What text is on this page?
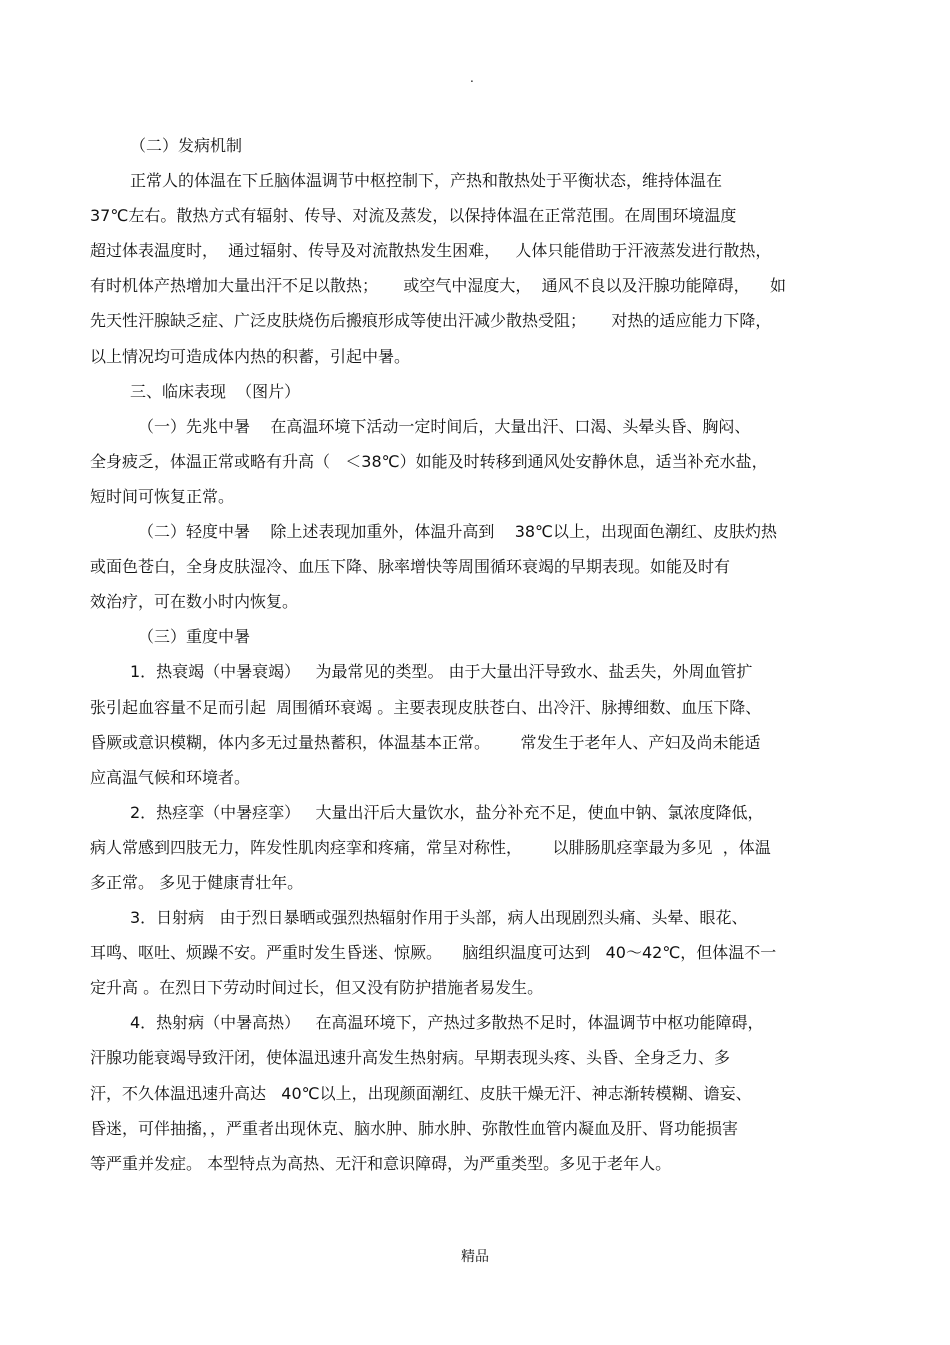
.
（二）发病机制
正常人的体温在下丘脑体温调节中枢控制下，产热和散热处于平衡状态，维持体温在
37℃左右。散热方式有辐射、传导、对流及蒸发，以保持体温在正常范围。在周围环境温度
超过体表温度时，  通过辐射、传导及对流散热发生困难，   人体只能借助于汗液蒸发进行散热，
有时机体产热增加大量出汗不足以散热；     或空气中湿度大，  通风不良以及汗腺功能障碍，    如
先天性汗腺缺乏症、广泛皮肤烧伤后搬痕形成等使出汗减少散热受阻；     对热的适应能力下降，
以上情况均可造成体内热的积蓄，引起中暑。
三、临床表现  （图片）
（一）先兆中暑    在高温环境下活动一定时间后，大量出汗、口渴、头晕头昏、胸闷、
全身疲乏，体温正常或略有升高（   ＜38℃）如能及时转移到通风处安静休息，适当补充水盐，
短时间可恢复正常。
（二）轻度中暑    除上述表现加重外，体温升高到    38℃以上，出现面色潮红、皮肤灼热
或面色苍白，全身皮肤湿冷、血压下降、脉率增快等周围循环衰竭的早期表现。如能及时有
效治疗，可在数小时内恢复。
（三）重度中暑
1．热衰竭（中暑衰竭）   为最常见的类型。 由于大量出汗导致水、盐丢失，外周血管扩
张引起血容量不足而引起  周围循环衰竭 。主要表现皮肤苍白、出冷汗、脉搏细数、血压下降、
昏厥或意识模糊，体内多无过量热蓄积，体温基本正常。      常发生于老年人、产妇及尚未能适
应高温气候和环境者。
2．热痉挛（中暑痉挛）   大量出汗后大量饮水，盐分补充不足，使血中钠、氯浓度降低，
病人常感到四肢无力，阵发性肌肉痉挛和疼痛，常呈对称性，      以腓肠肌痉挛最为多见  ，体温
多正常。 多见于健康青壮年。
3．日射病   由于烈日暴晒或强烈热辐射作用于头部，病人出现剧烈头痛、头晕、眼花、
耳鸣、呕吐、烦躁不安。严重时发生昏迷、惊厥。    脑组织温度可达到   40～42℃，但体温不一
定升高 。在烈日下劳动时间过长，但又没有防护措施者易发生。
4．热射病（中暑高热）   在高温环境下，产热过多散热不足时，体温调节中枢功能障碍，
汗腺功能衰竭导致汗闭，使体温迅速升高发生热射病。早期表现头疼、头昏、全身乏力、多
汗，不久体温迅速升高达   40℃以上，出现颜面潮红、皮肤干燥无汗、神志渐转模糊、谵妄、
昏迷，可伴抽搐，，严重者出现休克、脑水肿、肺水肿、弥散性血管内凝血及肝、肾功能损害
等严重并发症。 本型特点为高热、无汗和意识障碍，为严重类型。多见于老年人。
精品
